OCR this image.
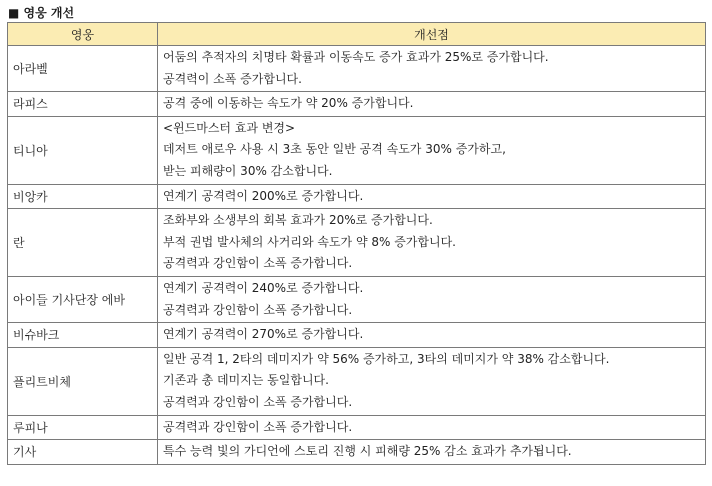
■ 영웅 개선
영웅	개선점
아라벨	어둠의 추적자의 치명타 확률과 이동속도 증가 효과가 25%로 증가합니다.
공격력이 소폭 증가합니다.

라피스	공격 중에 이동하는 속도가 약 20% 증가합니다.

티니아	<윈드마스터 효과 변경>
데저트 애로우 사용 시 3초 동안 일반 공격 속도가 30% 증가하고,
받는 피해량이 30% 감소합니다.

비앙카	연계기 공격력이 200%로 증가합니다.

란	조화부와 소생부의 회복 효과가 20%로 증가합니다.
부적 권법 발사체의 사거리와 속도가 약 8% 증가합니다.
공격력과 강인함이 소폭 증가합니다.

아이들 기사단장 에바	연계기 공격력이 240%로 증가합니다.
공격력과 강인함이 소폭 증가합니다.

비슈바크	연계기 공격력이 270%로 증가합니다.

플리트비체	일반 공격 1, 2타의 데미지가 약 56% 증가하고, 3타의 데미지가 약 38% 감소합니다.
기존과 총 데미지는 동일합니다.
공격력과 강인함이 소폭 증가합니다.

루피나	공격력과 강인함이 소폭 증가합니다.

기사	특수 능력 빛의 가디언에 스토리 진행 시 피해량 25% 감소 효과가 추가됩니다.
